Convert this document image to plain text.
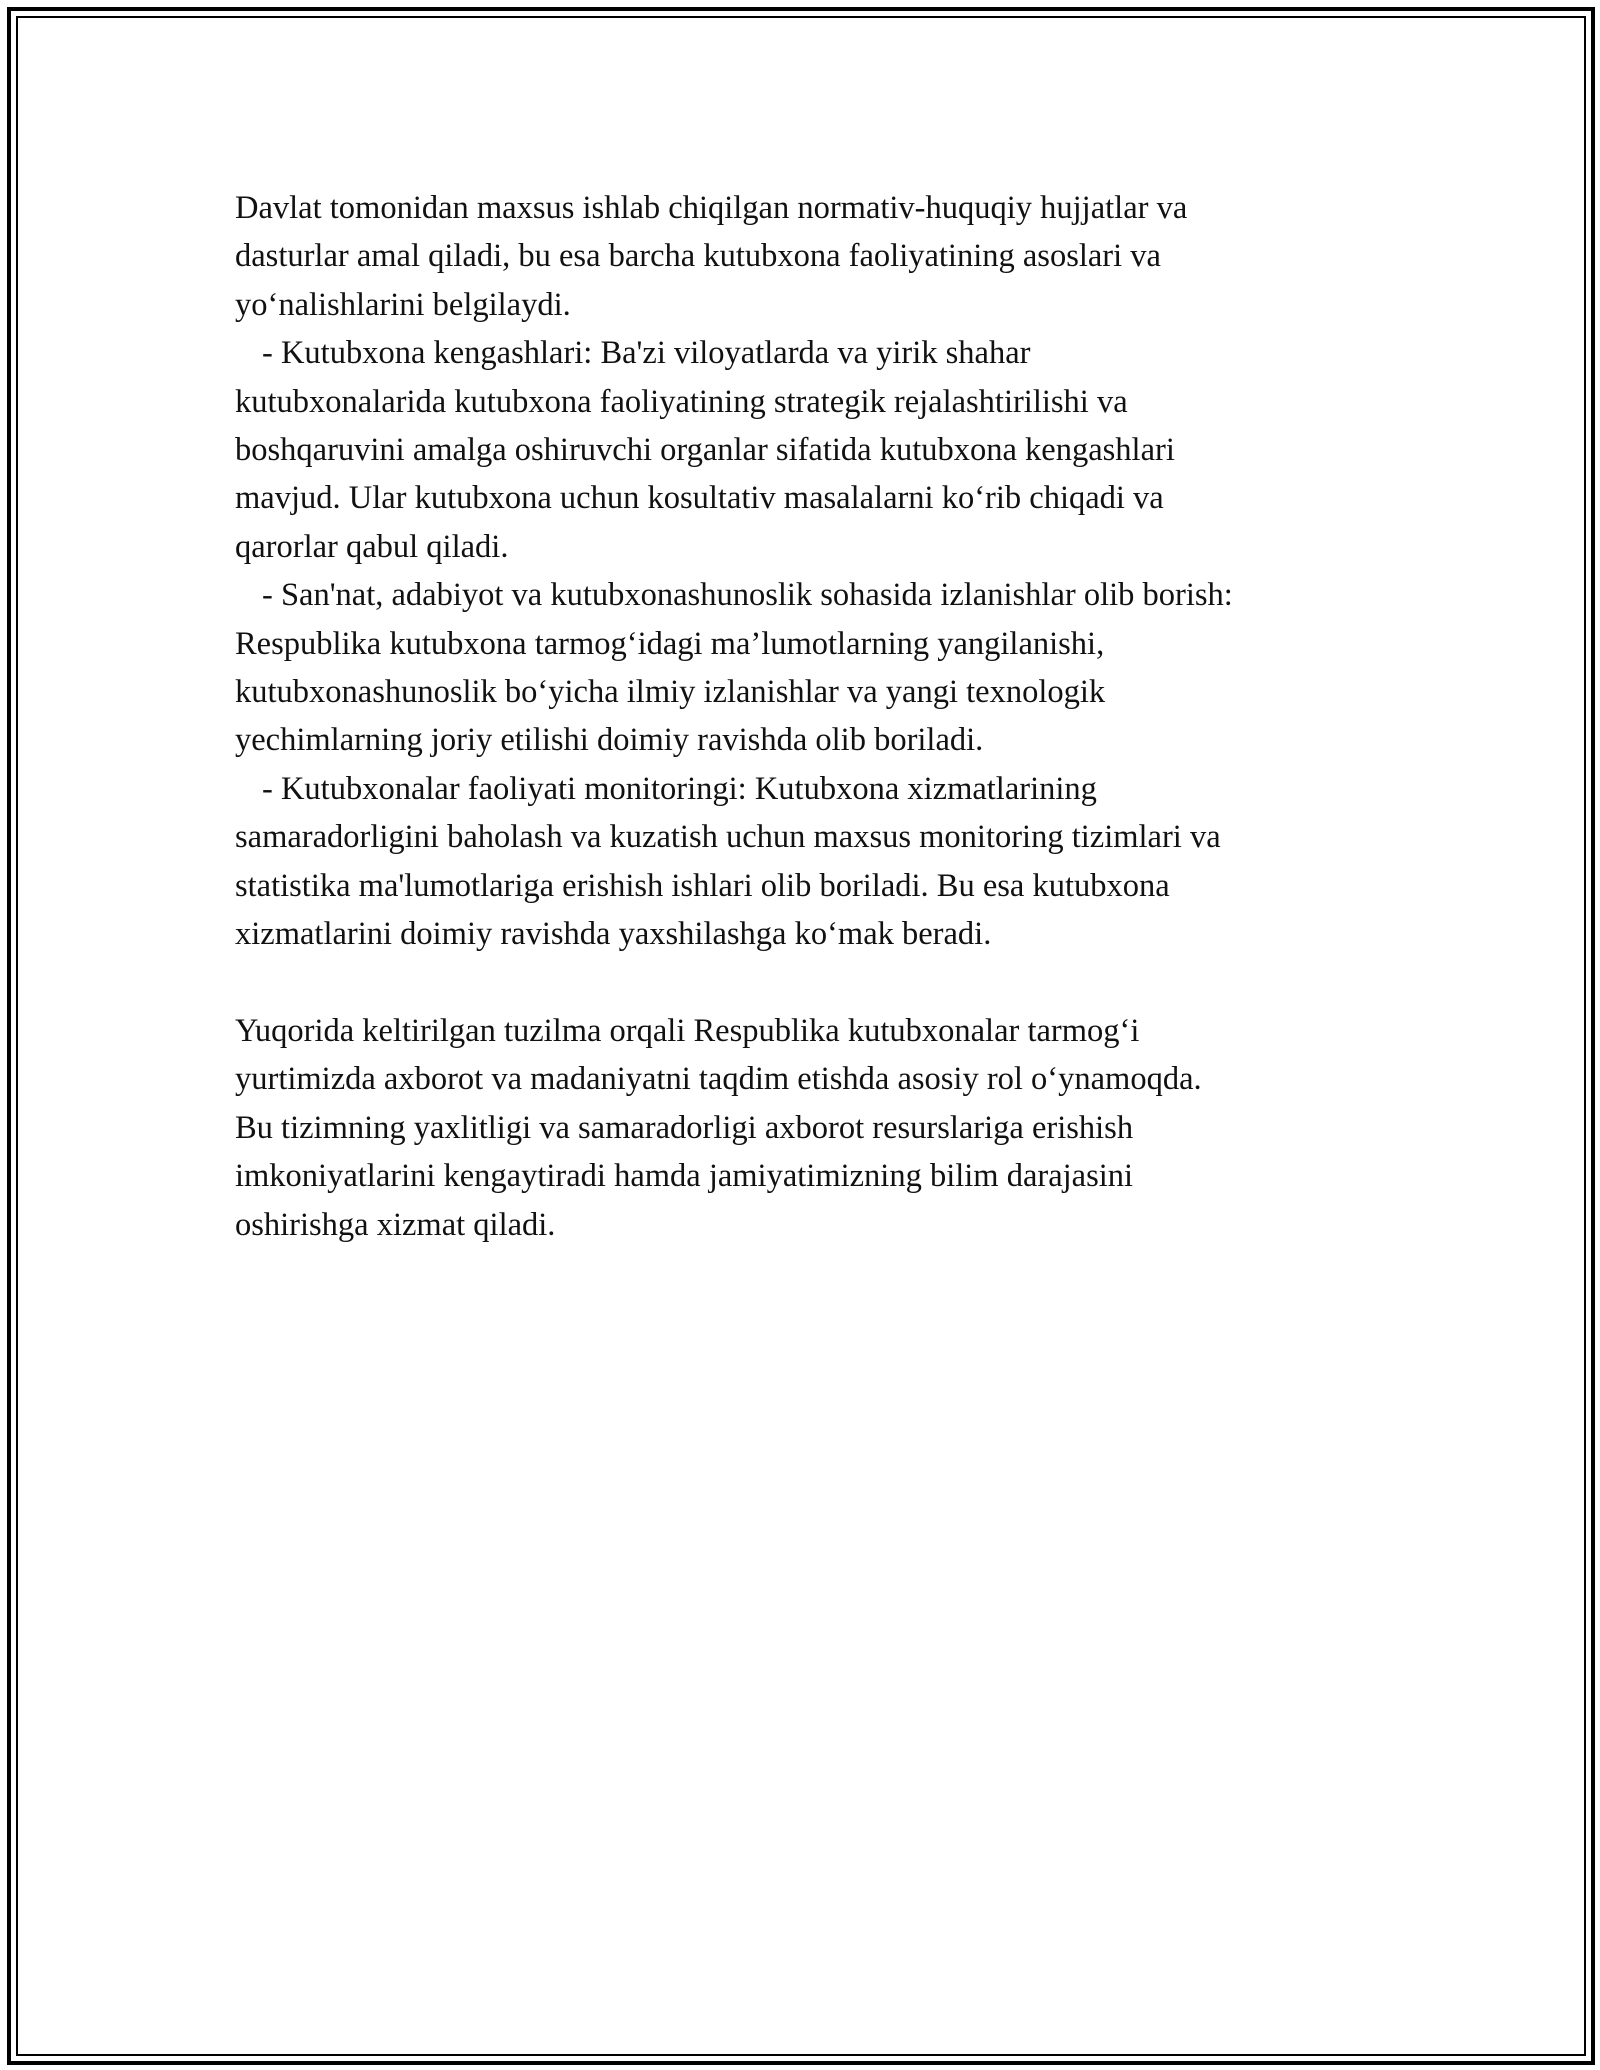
Davlat tomonidan maxsus ishlab chiqilgan normativ-huquqiy hujjatlar va
dasturlar amal qiladi, bu esa barcha kutubxona faoliyatining asoslari va
yo‘nalishlarini belgilaydi.
- Kutubxona kengashlari: Ba'zi viloyatlarda va yirik shahar
kutubxonalarida kutubxona faoliyatining strategik rejalashtirilishi va
boshqaruvini amalga oshiruvchi organlar sifatida kutubxona kengashlari
mavjud. Ular kutubxona uchun kosultativ masalalarni ko‘rib chiqadi va
qarorlar qabul qiladi.
- San'nat, adabiyot va kutubxonashunoslik sohasida izlanishlar olib borish:
Respublika kutubxona tarmog‘idagi ma’lumotlarning yangilanishi,
kutubxonashunoslik bo‘yicha ilmiy izlanishlar va yangi texnologik
yechimlarning joriy etilishi doimiy ravishda olib boriladi.
- Kutubxonalar faoliyati monitoringi: Kutubxona xizmatlarining
samaradorligini baholash va kuzatish uchun maxsus monitoring tizimlari va
statistika ma'lumotlariga erishish ishlari olib boriladi. Bu esa kutubxona
xizmatlarini doimiy ravishda yaxshilashga ko‘mak beradi.
Yuqorida keltirilgan tuzilma orqali Respublika kutubxonalar tarmog‘i
yurtimizda axborot va madaniyatni taqdim etishda asosiy rol o‘ynamoqda.
Bu tizimning yaxlitligi va samaradorligi axborot resurslariga erishish
imkoniyatlarini kengaytiradi hamda jamiyatimizning bilim darajasini
oshirishga xizmat qiladi.
